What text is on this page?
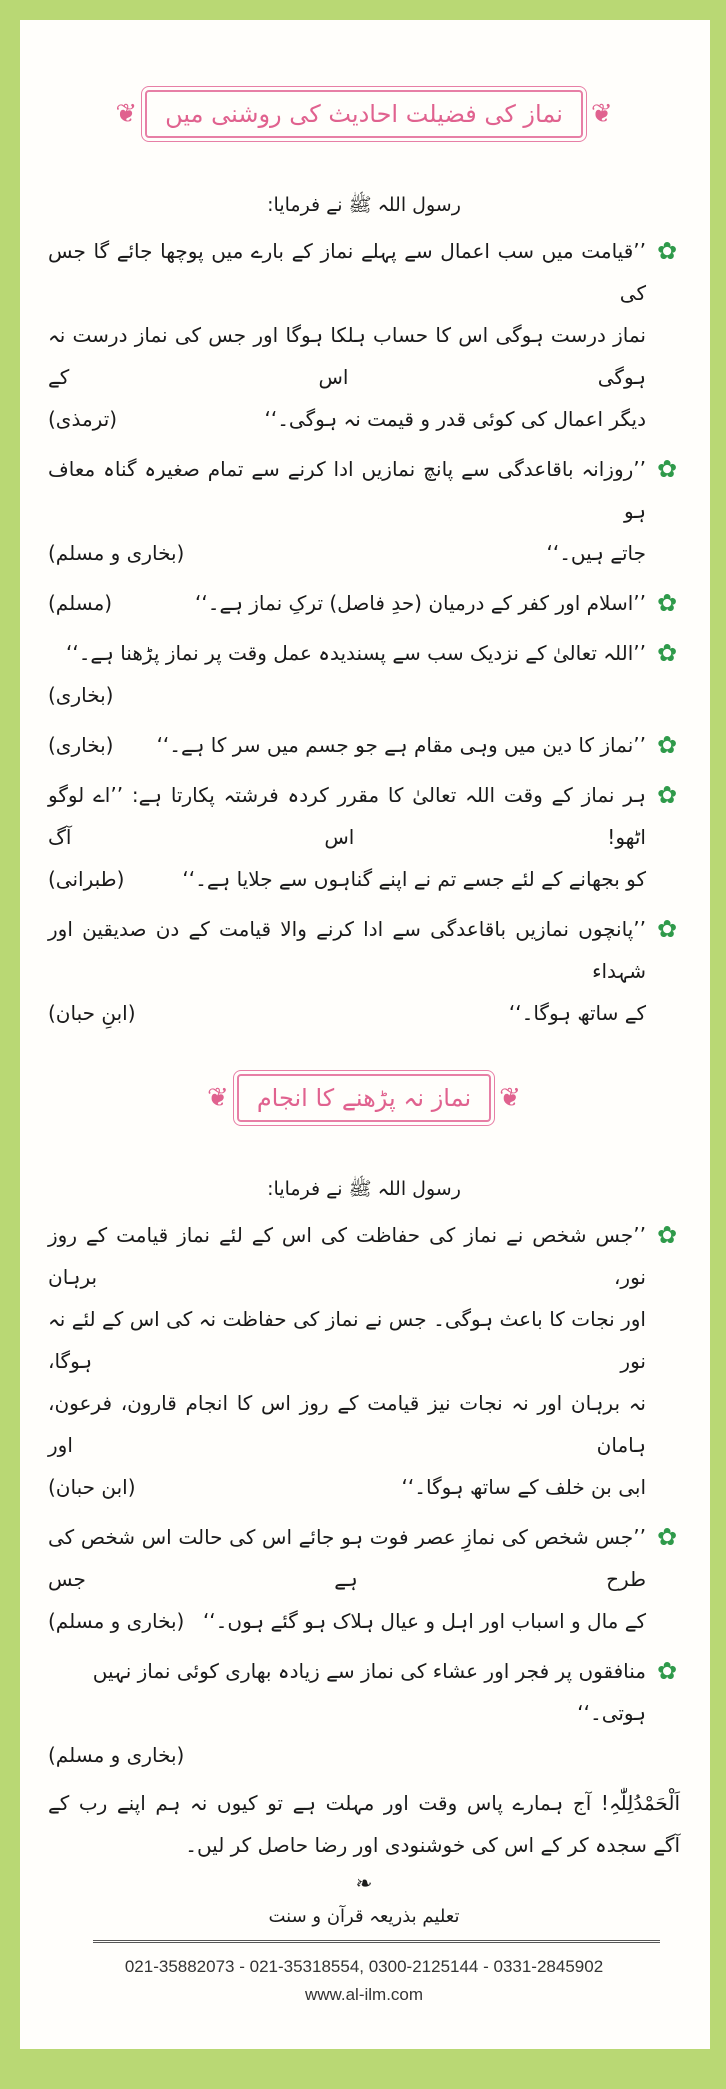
❦	نماز کی فضیلت احادیث کی روشنی میں	❦
رسول اللہ ﷺ نے فرمایا:
✿
’’قیامت میں سب اعمال سے پہلے نماز کے بارے میں پوچھا جائے گا جس کی
نماز درست ہوگی اس کا حساب ہلکا ہوگا اور جس کی نماز درست نہ ہوگی اس کے
دیگر اعمال کی کوئی قدر و قیمت نہ ہوگی۔‘‘
(ترمذی)
✿
’’روزانہ باقاعدگی سے پانچ نمازیں ادا کرنے سے تمام صغیرہ گناہ معاف ہو
جاتے ہیں۔‘‘
(بخاری و مسلم)
✿
’’اسلام اور کفر کے درمیان (حدِ فاصل) ترکِ نماز ہے۔‘‘
(مسلم)
✿
’’اللہ تعالیٰ کے نزدیک سب سے پسندیدہ عمل وقت پر نماز پڑھنا ہے۔‘‘
(بخاری)
✿
’’نماز کا دین میں وہی مقام ہے جو جسم میں سر کا ہے۔‘‘
(بخاری)
✿
ہر نماز کے وقت اللہ تعالیٰ کا مقرر کردہ فرشتہ پکارتا ہے: ’’اے لوگو اٹھو! اس آگ
کو بجھانے کے لئے جسے تم نے اپنے گناہوں سے جلایا ہے۔‘‘
(طبرانی)
✿
’’پانچوں نمازیں باقاعدگی سے ادا کرنے والا قیامت کے دن صدیقین اور شہداء
کے ساتھ ہوگا۔‘‘
(ابنِ حبان)
❦	نماز نہ پڑھنے کا انجام	❦
رسول اللہ ﷺ نے فرمایا:
✿
’’جس شخص نے نماز کی حفاظت کی اس کے لئے نماز قیامت کے روز نور، برہان
اور نجات کا باعث ہوگی۔ جس نے نماز کی حفاظت نہ کی اس کے لئے نہ نور ہوگا،
نہ برہان اور نہ نجات نیز قیامت کے روز اس کا انجام قارون، فرعون، ہامان اور
ابی بن خلف کے ساتھ ہوگا۔‘‘
(ابن حبان)
✿
’’جس شخص کی نمازِ عصر فوت ہو جائے اس کی حالت اس شخص کی طرح ہے جس
کے مال و اسباب اور اہل و عیال ہلاک ہو گئے ہوں۔‘‘
(بخاری و مسلم)
✿
منافقوں پر فجر اور عشاء کی نماز سے زیادہ بھاری کوئی نماز نہیں ہوتی۔‘‘
(بخاری و مسلم)
اَلْحَمْدُلِلّٰہِ! آج ہمارے پاس وقت اور مہلت ہے تو کیوں نہ ہم اپنے رب کے
آگے سجدہ کر کے اس کی خوشنودی اور رضا حاصل کر لیں۔
❧
تعلیم بذریعہ قرآن و سنت
021-35882073 - 021-35318554, 0300-2125144 - 0331-2845902
www.al-ilm.com
